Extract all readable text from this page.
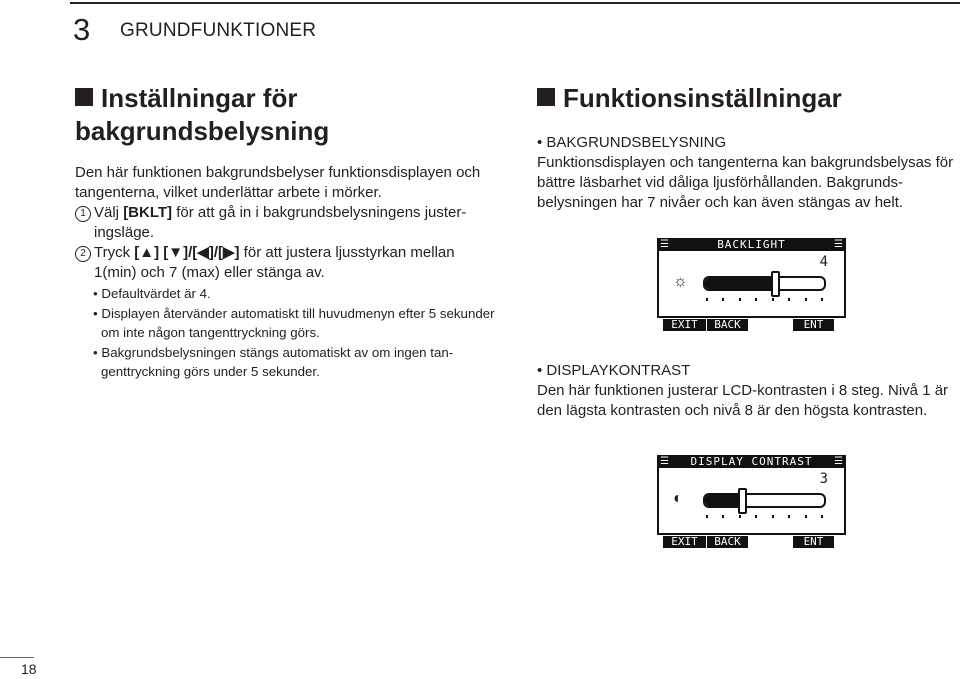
3 GRUNDFUNKTIONER
Inställningar för
bakgrundsbelysning
Den här funktionen bakgrundsbelyser funktionsdisplayen och tangenterna, vilket underlättar arbete i mörker.
1 Välj [BKLT] för att gå in i bakgrundsbelysningens juster-ingsläge.
2 Tryck [▲] [▼]/[◀]/[▶] för att justera ljusstyrkan mellan 1(min) och 7 (max) eller stänga av.
• Defaultvärdet är 4.
• Displayen återvänder automatiskt till huvudmenyn efter 5 sekunder om inte någon tangenttryckning görs.
• Bakgrundsbelysningen stängs automatiskt av om ingen tan-genttryckning görs under 5 sekunder.
Funktionsinställningar
• BAKGRUNDSBELYSNING
Funktionsdisplayen och tangenterna kan bakgrundsbelysas för bättre läsbarhet vid dåliga ljusförhållanden. Bakgrunds-belysningen har 7 nivåer och kan även stängas av helt.
BACKLIGHT
☰	☰
4
☼
EXIT	BACK	ENT
• DISPLAYKONTRAST
Den här funktionen justerar LCD-kontrasten i 8 steg. Nivå 1 är den lägsta kontrasten och nivå 8 är den högsta kontrasten.
DISPLAY CONTRAST
☰	☰
3
◐
EXIT	BACK	ENT
18
